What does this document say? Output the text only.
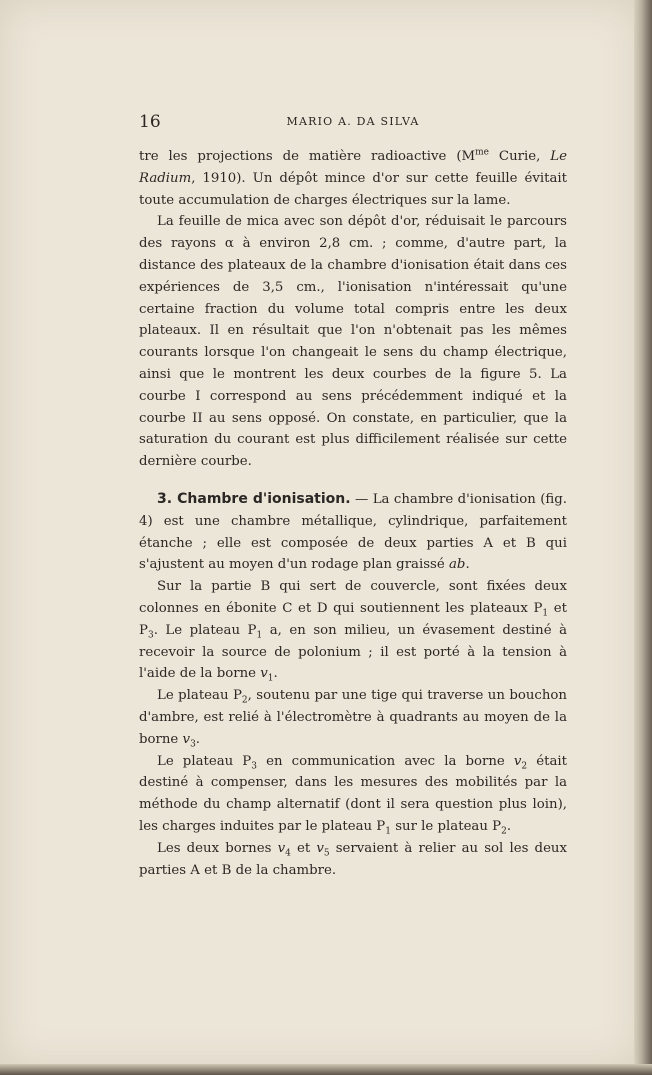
16	MARIO A. DA SILVA

tre les projections de matière radioactive ($M^{me}$ Curie, Le Radium, 1910). Un dépôt mince d'or sur cette feuille évitait toute accumulation de charges électriques sur la lame.

La feuille de mica avec son dépôt d'or, réduisait le parcours des rayons α à environ 2,8 cm. ; comme, d'autre part, la distance des plateaux de la chambre d'ionisation était dans ces expériences de 3,5 cm., l'ionisation n'intéressait qu'une certaine fraction du volume total compris entre les deux plateaux. Il en résultait que l'on n'obtenait pas les mêmes courants lorsque l'on changeait le sens du champ électrique, ainsi que le montrent les deux courbes de la figure 5. La courbe I correspond au sens précédemment indiqué et la courbe II au sens opposé. On constate, en particulier, que la saturation du courant est plus difficilement réalisée sur cette dernière courbe.

3. Chambre d'ionisation. — La chambre d'ionisation (fig. 4) est une chambre métallique, cylindrique, parfaitement étanche ; elle est composée de deux parties A et B qui s'ajustent au moyen d'un rodage plan graissé ab.

Sur la partie B qui sert de couvercle, sont fixées deux colonnes en ébonite C et D qui soutiennent les plateaux $P_1$ et $P_3$. Le plateau $P_1$ a, en son milieu, un évasement destiné à recevoir la source de polonium ; il est porté à la tension à l'aide de la borne $v_1$.

Le plateau $P_2$, soutenu par une tige qui traverse un bouchon d'ambre, est relié à l'électromètre à quadrants au moyen de la borne $v_3$.

Le plateau $P_3$ en communication avec la borne $v_2$ était destiné à compenser, dans les mesures des mobilités par la méthode du champ alternatif (dont il sera question plus loin), les charges induites par le plateau $P_1$ sur le plateau $P_2$.

Les deux bornes $v_4$ et $v_5$ servaient à relier au sol les deux parties A et B de la chambre.
